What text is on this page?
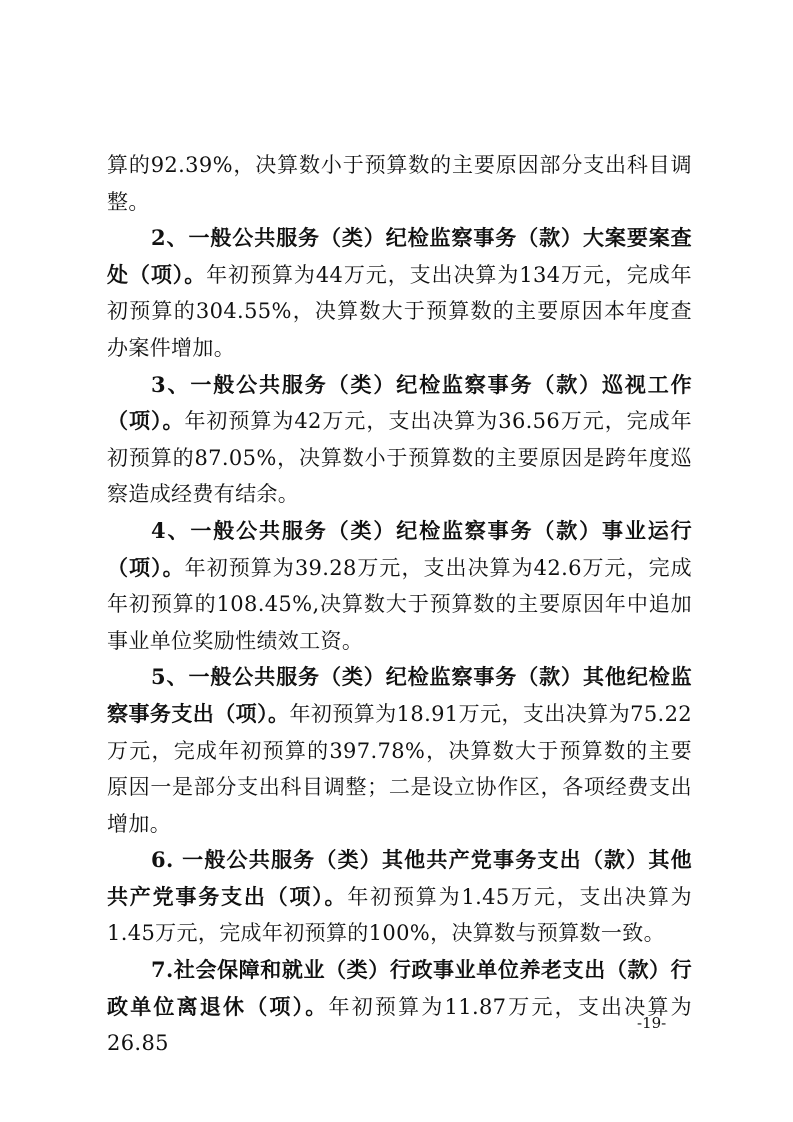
算的92.39%，决算数小于预算数的主要原因部分支出科目调整。

2、一般公共服务（类）纪检监察事务（款）大案要案查处（项）。年初预算为44万元，支出决算为134万元，完成年初预算的304.55%，决算数大于预算数的主要原因本年度查办案件增加。

3、一般公共服务（类）纪检监察事务（款）巡视工作（项）。年初预算为42万元，支出决算为36.56万元，完成年初预算的87.05%，决算数小于预算数的主要原因是跨年度巡察造成经费有结余。

4、一般公共服务（类）纪检监察事务（款）事业运行（项）。年初预算为39.28万元，支出决算为42.6万元，完成年初预算的108.45%,决算数大于预算数的主要原因年中追加事业单位奖励性绩效工资。

5、一般公共服务（类）纪检监察事务（款）其他纪检监察事务支出（项）。年初预算为18.91万元，支出决算为75.22万元，完成年初预算的397.78%，决算数大于预算数的主要原因一是部分支出科目调整；二是设立协作区，各项经费支出增加。

6. 一般公共服务（类）其他共产党事务支出（款）其他共产党事务支出（项）。年初预算为1.45万元，支出决算为1.45万元，完成年初预算的100%，决算数与预算数一致。

7.社会保障和就业（类）行政事业单位养老支出（款）行政单位离退休（项）。年初预算为11.87万元，支出决算为26.85

-19-
